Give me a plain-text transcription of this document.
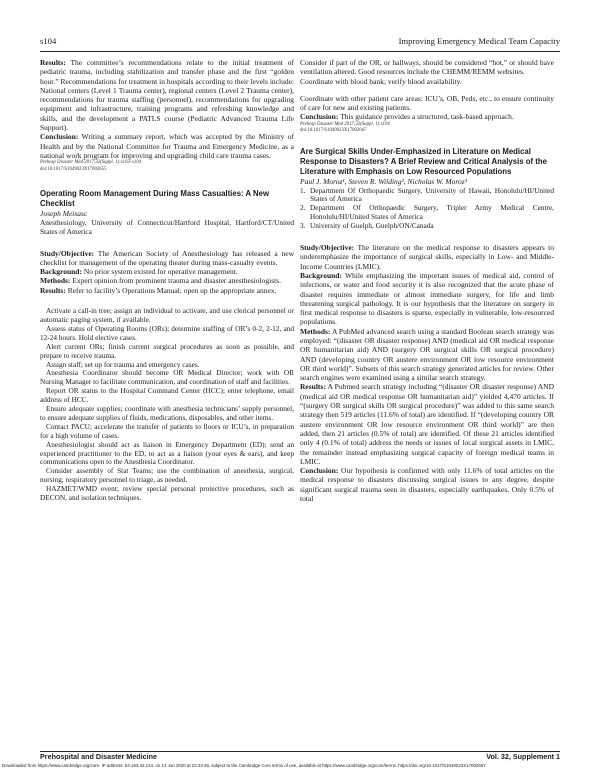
s104	Improving Emergency Medical Team Capacity

Results: The committee’s recommendations relate to the initial treatment of pediatric trauma, including stabilization and transfer phase and the first “golden hour.” Recommendations for treatment in hospitals according to their levels include: National centers (Level 1 Trauma center), regional centers (Level 2 Trauma center), recommendations for trauma staffing (personnel), recommendations for upgrading equipment and infrastructure, training programs and refreshing knowledge and skills, and the development a PATLS course (Pediatric Advanced Trauma Life Support).

Conclusion: Writing a summary report, which was accepted by the Ministry of Health and by the National Committee for Trauma and Emergency Medicine, as a national work program for improving and upgrading child care trauma cases.

Prehosp Disaster Med 2017;32(Suppl. 1):s103–s104

doi:10.1017/S1049023X17002655

Operating Room Management During Mass Casualties: A New Checklist

Joseph Meisasc

Anesthesiology, University of Connecticut/Hartford Hospital, Hartford/CT/United States of America

Study/Objective: The American Society of Anesthesiology has released a new checklist for management of the operating theater during mass-casualty events.

Background: No prior system existed for operative management.

Methods: Expert opinion from prominent trauma and disaster anesthesiologists.

Results: Refer to facility’s Operations Manual; open up the appropriate annex.

Activate a call-in tree; assign an individual to activate, and use clerical personnel or automatic paging system, if available.

Assess status of Operating Rooms (ORs); determine staffing of OR’s 0-2, 2-12, and 12-24 hours. Hold elective cases.

Alert current ORs; finish current surgical procedures as soon as possible, and prepare to receive trauma.

Assign staff; set up for trauma and emergency cases.

Anesthesia Coordinator should become OR Medical Director; work with OR Nursing Manager to facilitate communication, and coordination of staff and facilities.

Report OR status to the Hospital Command Center (HCC); enter telephone, email address of HCC.

Ensure adequate supplies; coordinate with anesthesia technicians’ supply personnel, to ensure adequate supplies of fluids, medications, disposables, and other items.

Contact PACU; accelerate the transfer of patients to floors or ICU’s, in preparation for a high volume of cases.

Anesthesiologist should act as liaison in Emergency Department (ED); send an experienced practitioner to the ED, to act as a liaison (your eyes & ears), and keep communications open to the Anesthesia Coordinator.

Consider assembly of Stat Teams; use the combination of anesthesia, surgical, nursing, respiratory personnel to triage, as needed.

HAZMET/WMD event; review special personal protective procedures, such as DECON, and isolation techniques.

Consider if part of the OR, or hallways, should be considered “hot,” or should have ventilation altered. Good resources include the CHEMM/REMM websites.

Coordinate with blood bank; verify blood availability.

Coordinate with other patient care areas: ICU’s, OB, Peds, etc., to ensure continuity of care for new and existing patients.

Conclusion: This guidance provides a structured, task-based approach.

Prehosp Disaster Med 2017;32(Suppl. 1):s104

doi:10.1017/S1049023X17002667

Are Surgical Skills Under-Emphasized in Literature on Medical Response to Disasters? A Brief Review and Critical Analysis of the Literature with Emphasis on Low Resourced Populations

Paul J. Moroz¹, Steven R. Wilding², Nicholas W. Moroz³

1. Department Of Orthopaedic Surgery, University of Hawaii, Honolulu/HI/United States of America
2. Department Of Orthopaedic Surgery, Tripler Army Medical Centre, Honolulu/HI/United States of America
3. University of Guelph, Guelph/ON/Canada

Study/Objective: The literature on the medical response to disasters appears to underemphasize the importance of surgical skills, especially in Low- and Middle-Income Countries (LMIC).

Background: While emphasizing the important issues of medical aid, control of infections, or water and food security it is also recognized that the acute phase of disaster requires immediate or almost immediate surgery, for life and limb threatening surgical pathology. It is our hypothesis that the literature on surgery in first medical response to disasters is sparse, especially in vulnerable, low-resourced populations.

Methods: A PubMed advanced search using a standard Boolean search strategy was employed: “(disaster OR disaster response) AND (medical aid OR medical response OR humanitarian aid) AND (surgery OR surgical skills OR surgical procedure) AND (developing country OR austere environment OR low resource environment OR third world)”. Subsets of this search strategy generated articles for review. Other search engines were examined using a similar search strategy.

Results: A Pubmed search strategy including “(disaster OR disaster response) AND (medical aid OR medical response OR humanitarian aid)” yielded 4,470 articles. If “(surgery OR surgical skills OR surgical procedure)” was added to this same search strategy then 519 articles (11.6% of total) are identified. If “(developing country OR austere environment OR low resource environment OR third world)” are then added, then 21 articles (0.5% of total) are identified. Of these 21 articles identified only 4 (0.1% of total) address the needs or issues of local surgical assets in LMIC, the remainder instead emphasizing surgical capacity of foreign medical teams in LMIC.

Conclusion: Our hypothesis is confirmed with only 11.6% of total articles on the medical response to disasters discussing surgical issues to any degree, despite significant surgical trauma seen in disasters, especially earthquakes. Only 0.5% of total

Prehospital and Disaster Medicine	Vol. 32, Supplement 1
Downloaded from https://www.cambridge.org/core. IP address: 54.163.42.124, on 13 Jun 2020 at 22:43:45, subject to the Cambridge Core terms of use, available at https://www.cambridge.org/core/terms. https://doi.org/10.1017/S1049023X17002667
